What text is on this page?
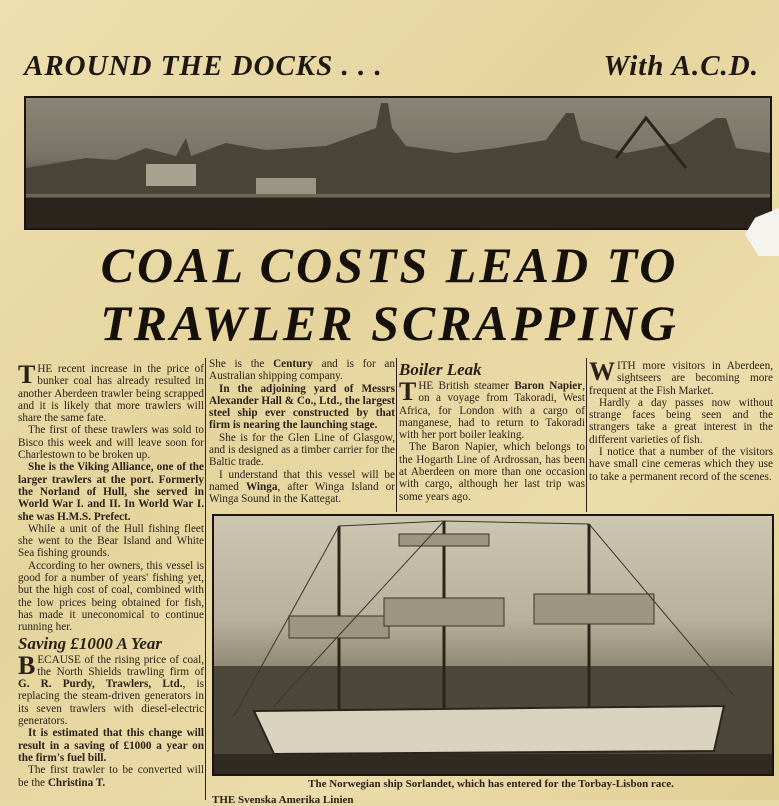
AROUND THE DOCKS . . .	With A.C.D.
COAL COSTS LEAD TO
TRAWLER SCRAPPING

THE recent increase in the price of bunker coal has already resulted in another Aberdeen trawler being scrapped and it is likely that more trawlers will share the same fate.

The first of these trawlers was sold to Bisco this week and will leave soon for Charlestown to be broken up.

She is the Viking Alliance, one of the larger trawlers at the port. Formerly the Norland of Hull, she served in World War I. and II. In World War I. she was H.M.S. Prefect.

While a unit of the Hull fishing fleet she went to the Bear Island and White Sea fishing grounds.

According to her owners, this vessel is good for a number of years' fishing yet, but the high cost of coal, combined with the low prices being obtained for fish, has made it uneconomical to continue running her.

Saving £1000 A Year

BECAUSE of the rising price of coal, the North Shields trawling firm of G. R. Purdy, Trawlers, Ltd., is replacing the steam-driven generators in its seven trawlers with diesel-electric generators.

It is estimated that this change will result in a saving of £1000 a year on the firm's fuel bill.

The first trawler to be converted will be the Christina T.

She is the Century and is for an Australian shipping company.

In the adjoining yard of Messrs Alexander Hall & Co., Ltd., the largest steel ship ever constructed by that firm is nearing the launching stage.

She is for the Glen Line of Glasgow, and is designed as a timber carrier for the Baltic trade.

I understand that this vessel will be named Winga, after Winga Island or Winga Sound in the Kattegat.

Boiler Leak

THE British steamer Baron Napier, on a voyage from Takoradi, West Africa, for London with a cargo of manganese, had to return to Takoradi with her port boiler leaking.

The Baron Napier, which belongs to the Hogarth Line of Ardrossan, has been at Aberdeen on more than one occasion with cargo, although her last trip was some years ago.

WITH more visitors in Aberdeen, sightseers are becoming more frequent at the Fish Market.

Hardly a day passes now without strange faces being seen and the strangers take a great interest in the different varieties of fish.

I notice that a number of the visitors have small cine cemeras which they use to take a permanent record of the scenes.

The Norwegian ship Sorlandet, which has entered for the Torbay-Lisbon race.
THE Svenska Amerika Linien
